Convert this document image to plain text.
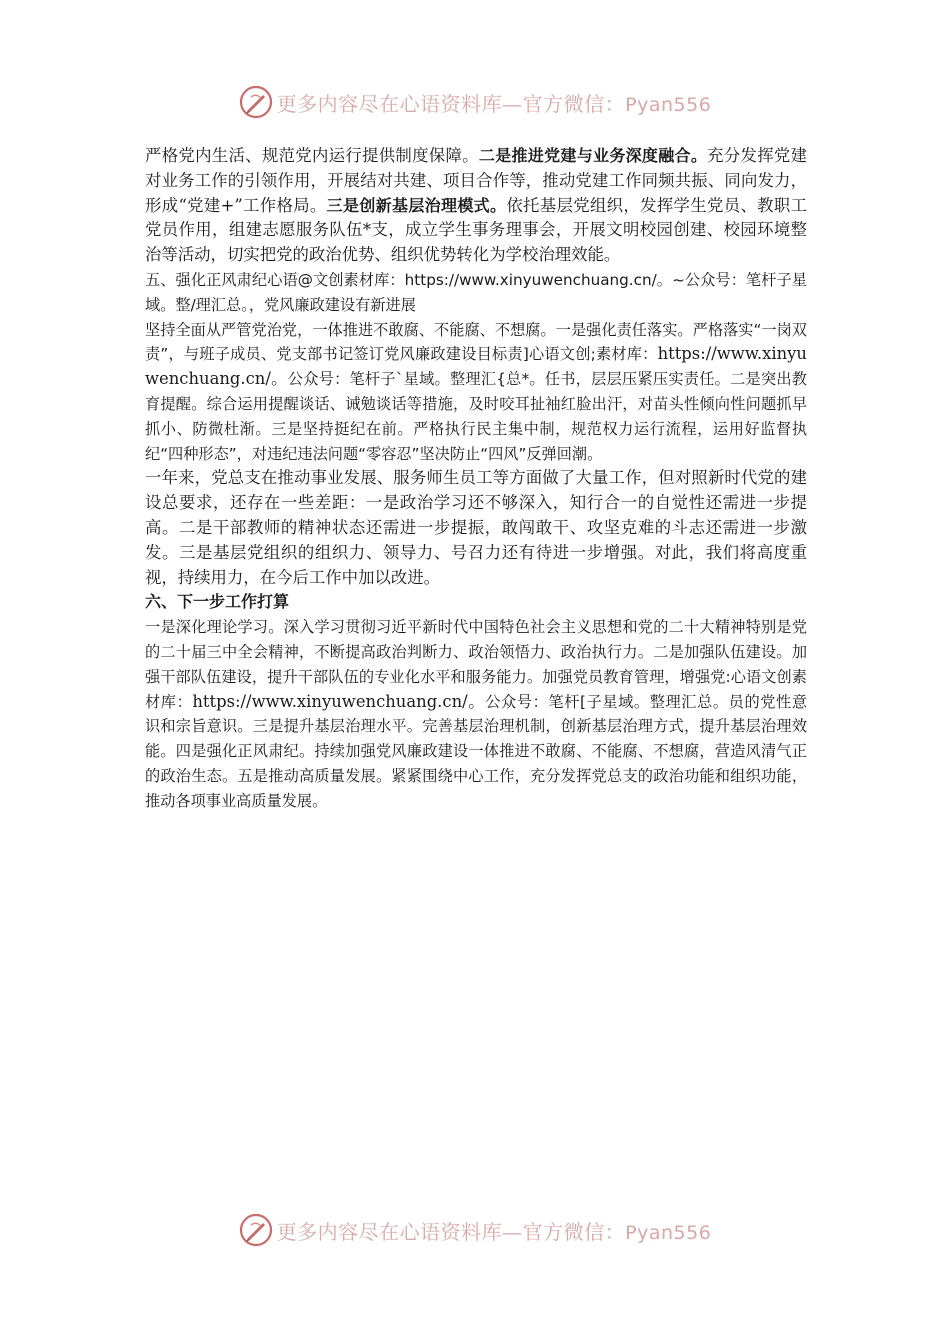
更多内容尽在心语资料库—官方微信：Pyan556

严格党内生活、规范党内运行提供制度保障。二是推进党建与业务深度融合。充分发挥党建对业务工作的引领作用，开展结对共建、项目合作等，推动党建工作同频共振、同向发力，形成“党建+”工作格局。三是创新基层治理模式。依托基层党组织，发挥学生党员、教职工党员作用，组建志愿服务队伍*支，成立学生事务理事会，开展文明校园创建、校园环境整治等活动，切实把党的政治优势、组织优势转化为学校治理效能。

五、强化正风肃纪心语@文创素材库：https://www.xinyuwenchuang.cn/。~公众号：笔杆子星域。整/理汇总。，党风廉政建设有新进展

坚持全面从严管党治党，一体推进不敢腐、不能腐、不想腐。一是强化责任落实。严格落实“一岗双责”，与班子成员、党支部书记签订党风廉政建设目标责]心语文创;素材库：https://www.xinyuwenchuang.cn/。公众号：笔杆子`星域。整理汇{总*。任书，层层压紧压实责任。二是突出教育提醒。综合运用提醒谈话、诫勉谈话等措施，及时咬耳扯袖红脸出汗，对苗头性倾向性问题抓早抓小、防微杜渐。三是坚持挺纪在前。严格执行民主集中制，规范权力运行流程，运用好监督执纪“四种形态”，对违纪违法问题“零容忍”坚决防止“四风”反弹回潮。

一年来，党总支在推动事业发展、服务师生员工等方面做了大量工作，但对照新时代党的建设总要求，还存在一些差距：一是政治学习还不够深入，知行合一的自觉性还需进一步提高。二是干部教师的精神状态还需进一步提振，敢闯敢干、攻坚克难的斗志还需进一步激发。三是基层党组织的组织力、领导力、号召力还有待进一步增强。对此，我们将高度重视，持续用力，在今后工作中加以改进。

六、下一步工作打算

一是深化理论学习。深入学习贯彻习近平新时代中国特色社会主义思想和党的二十大精神特别是党的二十届三中全会精神，不断提高政治判断力、政治领悟力、政治执行力。二是加强队伍建设。加强干部队伍建设，提升干部队伍的专业化水平和服务能力。加强党员教育管理，增强党:心语文创素材库：https://www.xinyuwenchuang.cn/。公众号：笔杆[子星域。整理汇总。员的党性意识和宗旨意识。三是提升基层治理水平。完善基层治理机制，创新基层治理方式，提升基层治理效能。四是强化正风肃纪。持续加强党风廉政建设一体推进不敢腐、不能腐、不想腐，营造风清气正的政治生态。五是推动高质量发展。紧紧围绕中心工作，充分发挥党总支的政治功能和组织功能，推动各项事业高质量发展。

更多内容尽在心语资料库—官方微信：Pyan556
